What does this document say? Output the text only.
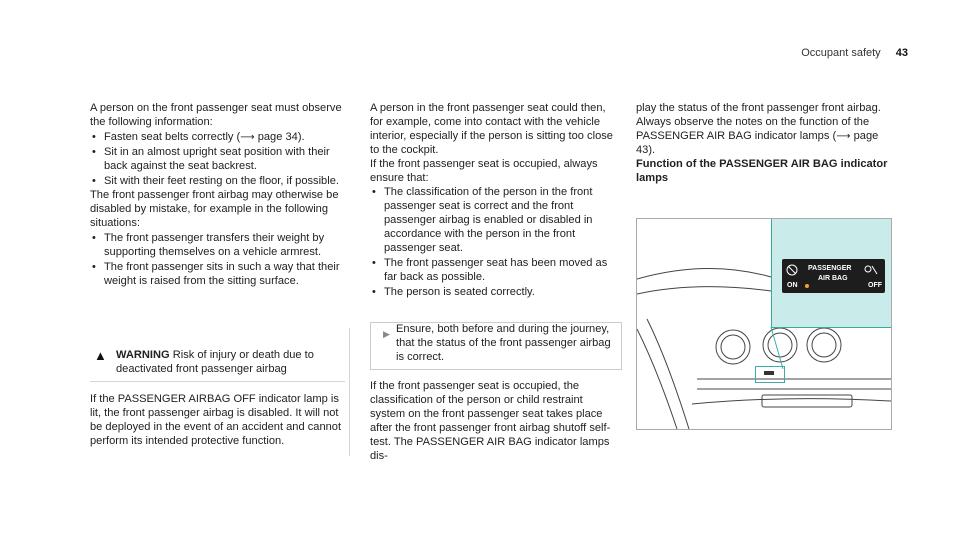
Occupant safety 43

A person on the front passenger seat must observe the following information:

• Fasten seat belts correctly (⟶ page 34).
• Sit in an almost upright seat position with their back against the seat backrest.
• Sit with their feet resting on the floor, if possible.

The front passenger front airbag may otherwise be disabled by mistake, for example in the following situations:

• The front passenger transfers their weight by supporting themselves on a vehicle armrest.
• The front passenger sits in such a way that their weight is raised from the sitting surface.
▲ WARNING Risk of injury or death due to deactivated front passenger airbag

If the PASSENGER AIRBAG OFF indicator lamp is lit, the front passenger airbag is disabled. It will not be deployed in the event of an accident and cannot perform its intended protective function.

A person in the front passenger seat could then, for example, come into contact with the vehicle interior, especially if the person is sitting too close to the cockpit.

If the front passenger seat is occupied, always ensure that:

• The classification of the person in the front passenger seat is correct and the front passenger airbag is enabled or disabled in accordance with the person in the front passenger seat.
• The front passenger seat has been moved as far back as possible.
• The person is seated correctly.
▶ Ensure, both before and during the journey, that the status of the front passenger airbag is correct.
If the front passenger seat is occupied, the classification of the person or child restraint system on the front passenger seat takes place after the front passenger front airbag shutoff self-test. The PASSENGER AIR BAG indicator lamps dis-

play the status of the front passenger front airbag.

Always observe the notes on the function of the PASSENGER AIR BAG indicator lamps (⟶ page 43).

Function of the PASSENGER AIR BAG indicator lamps

PASSENGER
AIR BAG
ON	OFF
